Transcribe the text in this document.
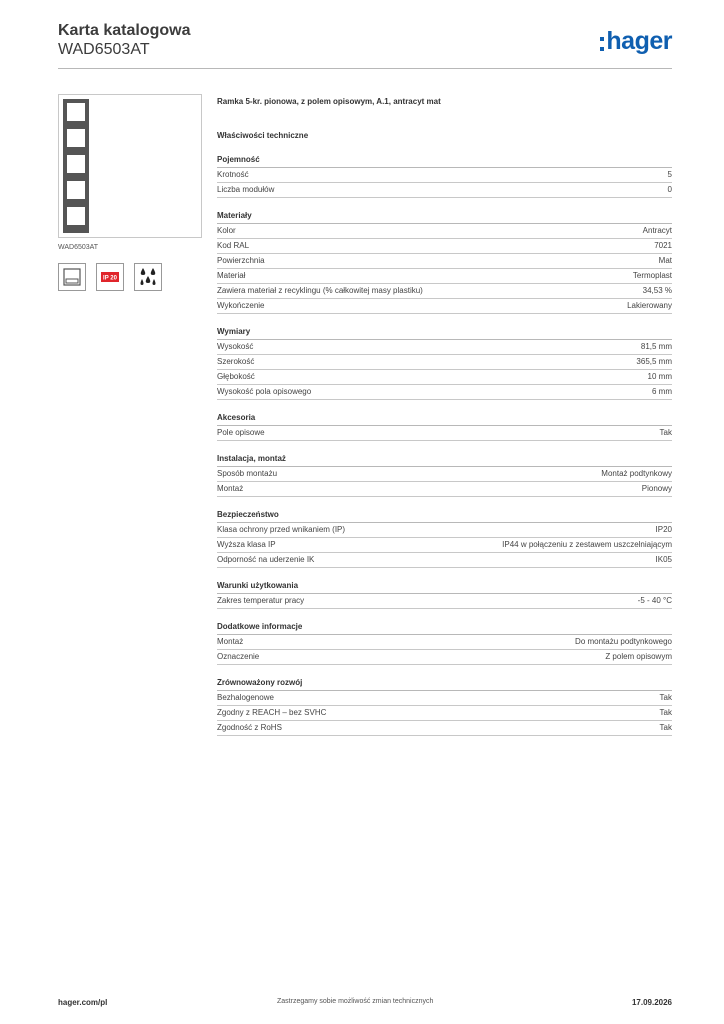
Karta katalogowa
WAD6503AT	hager
WAD6503AT
IP 20
Ramka 5-kr. pionowa, z polem opisowym, A.1, antracyt mat
Właściwości techniczne
Pojemność
Krotność	5
Liczba modułów	0
Materiały
Kolor	Antracyt
Kod RAL	7021
Powierzchnia	Mat
Materiał	Termoplast
Zawiera materiał z recyklingu (% całkowitej masy plastiku)	34,53 %
Wykończenie	Lakierowany
Wymiary
Wysokość	81,5 mm
Szerokość	365,5 mm
Głębokość	10 mm
Wysokość pola opisowego	6 mm
Akcesoria
Pole opisowe	Tak
Instalacja, montaż
Sposób montażu	Montaż podtynkowy
Montaż	Pionowy
Bezpieczeństwo
Klasa ochrony przed wnikaniem (IP)	IP20
Wyższa klasa IP	IP44 w połączeniu z zestawem uszczelniającym
Odporność na uderzenie IK	IK05
Warunki użytkowania
Zakres temperatur pracy	-5 - 40 °C
Dodatkowe informacje
Montaż	Do montażu podtynkowego
Oznaczenie	Z polem opisowym
Zrównoważony rozwój
Bezhalogenowe	Tak
Zgodny z REACH – bez SVHC	Tak
Zgodność z RoHS	Tak
hager.com/pl	Zastrzegamy sobie możliwość zmian technicznych	17.09.2026
